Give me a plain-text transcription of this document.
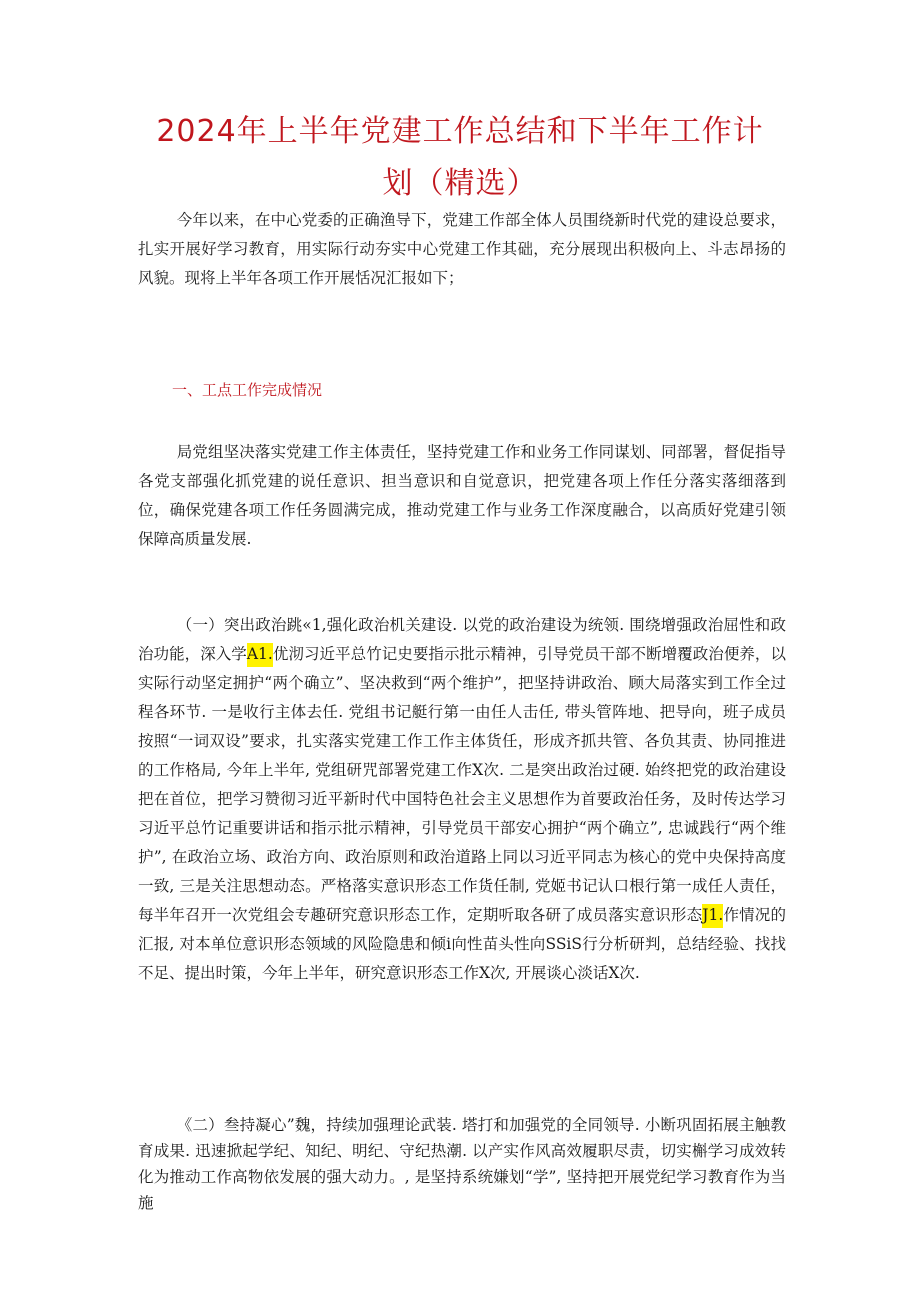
2024年上半年党建工作总结和下半年工作计
划（精选）

今年以来，在中心党委的正确渔导下，党建工作部全体人员围绕新时代党的建设总要求，扎实开展好学习教育，用实际行动夯实中心党建工作其础，充分展现出积极向上、斗志昂扬的风貌。现将上半年各项工作开展恬况汇报如下；

一、工点工作完成情况

局党组坚决落实党建工作主体责任，坚持党建工作和业务工作同谋划、同部署，督促指导各党支部强化抓党建的说任意识、担当意识和自觉意识，把党建各项上作任分落实落细落到位，确保党建各项工作任务圆满完成，推动党建工作与业务工作深度融合，以高质好党建引领保障高质量发展.

（一）突出政治跳«1,强化政治机关建设. 以党的政治建设为统领. 围绕增强政治屈性和政治功能，深入学A1.优沏习近平总竹记史要指示批示精神，引导党员干部不断增覆政治便养，以实际行动坚定拥护“两个确立”、坚决救到“两个维护”，把坚持讲政治、顾大局落实到工作全过程各环节. 一是收行主体去任. 党组书记艇行第一由任人击任, 带头管阵地、把导向，班子成员按照“一词双设”要求，扎实落实党建工作工作主体货任，形成齐抓共管、各负其责、协同推进的工作格局, 今年上半年, 党组研咒部署党建工作X次. 二是突出政治过硬. 始终把党的政治建设把在首位，把学习赞彻习近平新时代中国特色社会主义思想作为首要政治任务，及时传达学习习近平总竹记重要讲话和指示批示精神，引导党员干部安心拥护“两个确立”, 忠诚践行“两个维护”, 在政治立场、政治方向、政治原则和政治道路上同以习近平同志为核心的党中央保持高度一致, 三是关注思想动态。严格落实意识形态工作货任制, 党姬书记认口根行第一成任人责任，每半年召开一次党组会专趣研究意识形态工作，定期听取各研了成员落实意识形态J1.作情况的汇报, 对本单位意识形态领域的风险隐患和倾i向性苗头性向SSiS行分析研判，总结经验、找找不足、提出时策，今年上半年，研究意识形态工作X次, 开展谈心淡话X次.

《二）叁持凝心”魏，持续加强理论武装. 塔打和加强党的全同领导. 小断巩固拓展主触教育成果. 迅速掀起学纪、知纪、明纪、守纪热潮. 以产实作风高效履职尽责，切实槲学习成效转化为推动工作高物依发展的强大动力。, 是坚持系统嫌划“学”, 坚持把开展党纪学习教育作为当施
